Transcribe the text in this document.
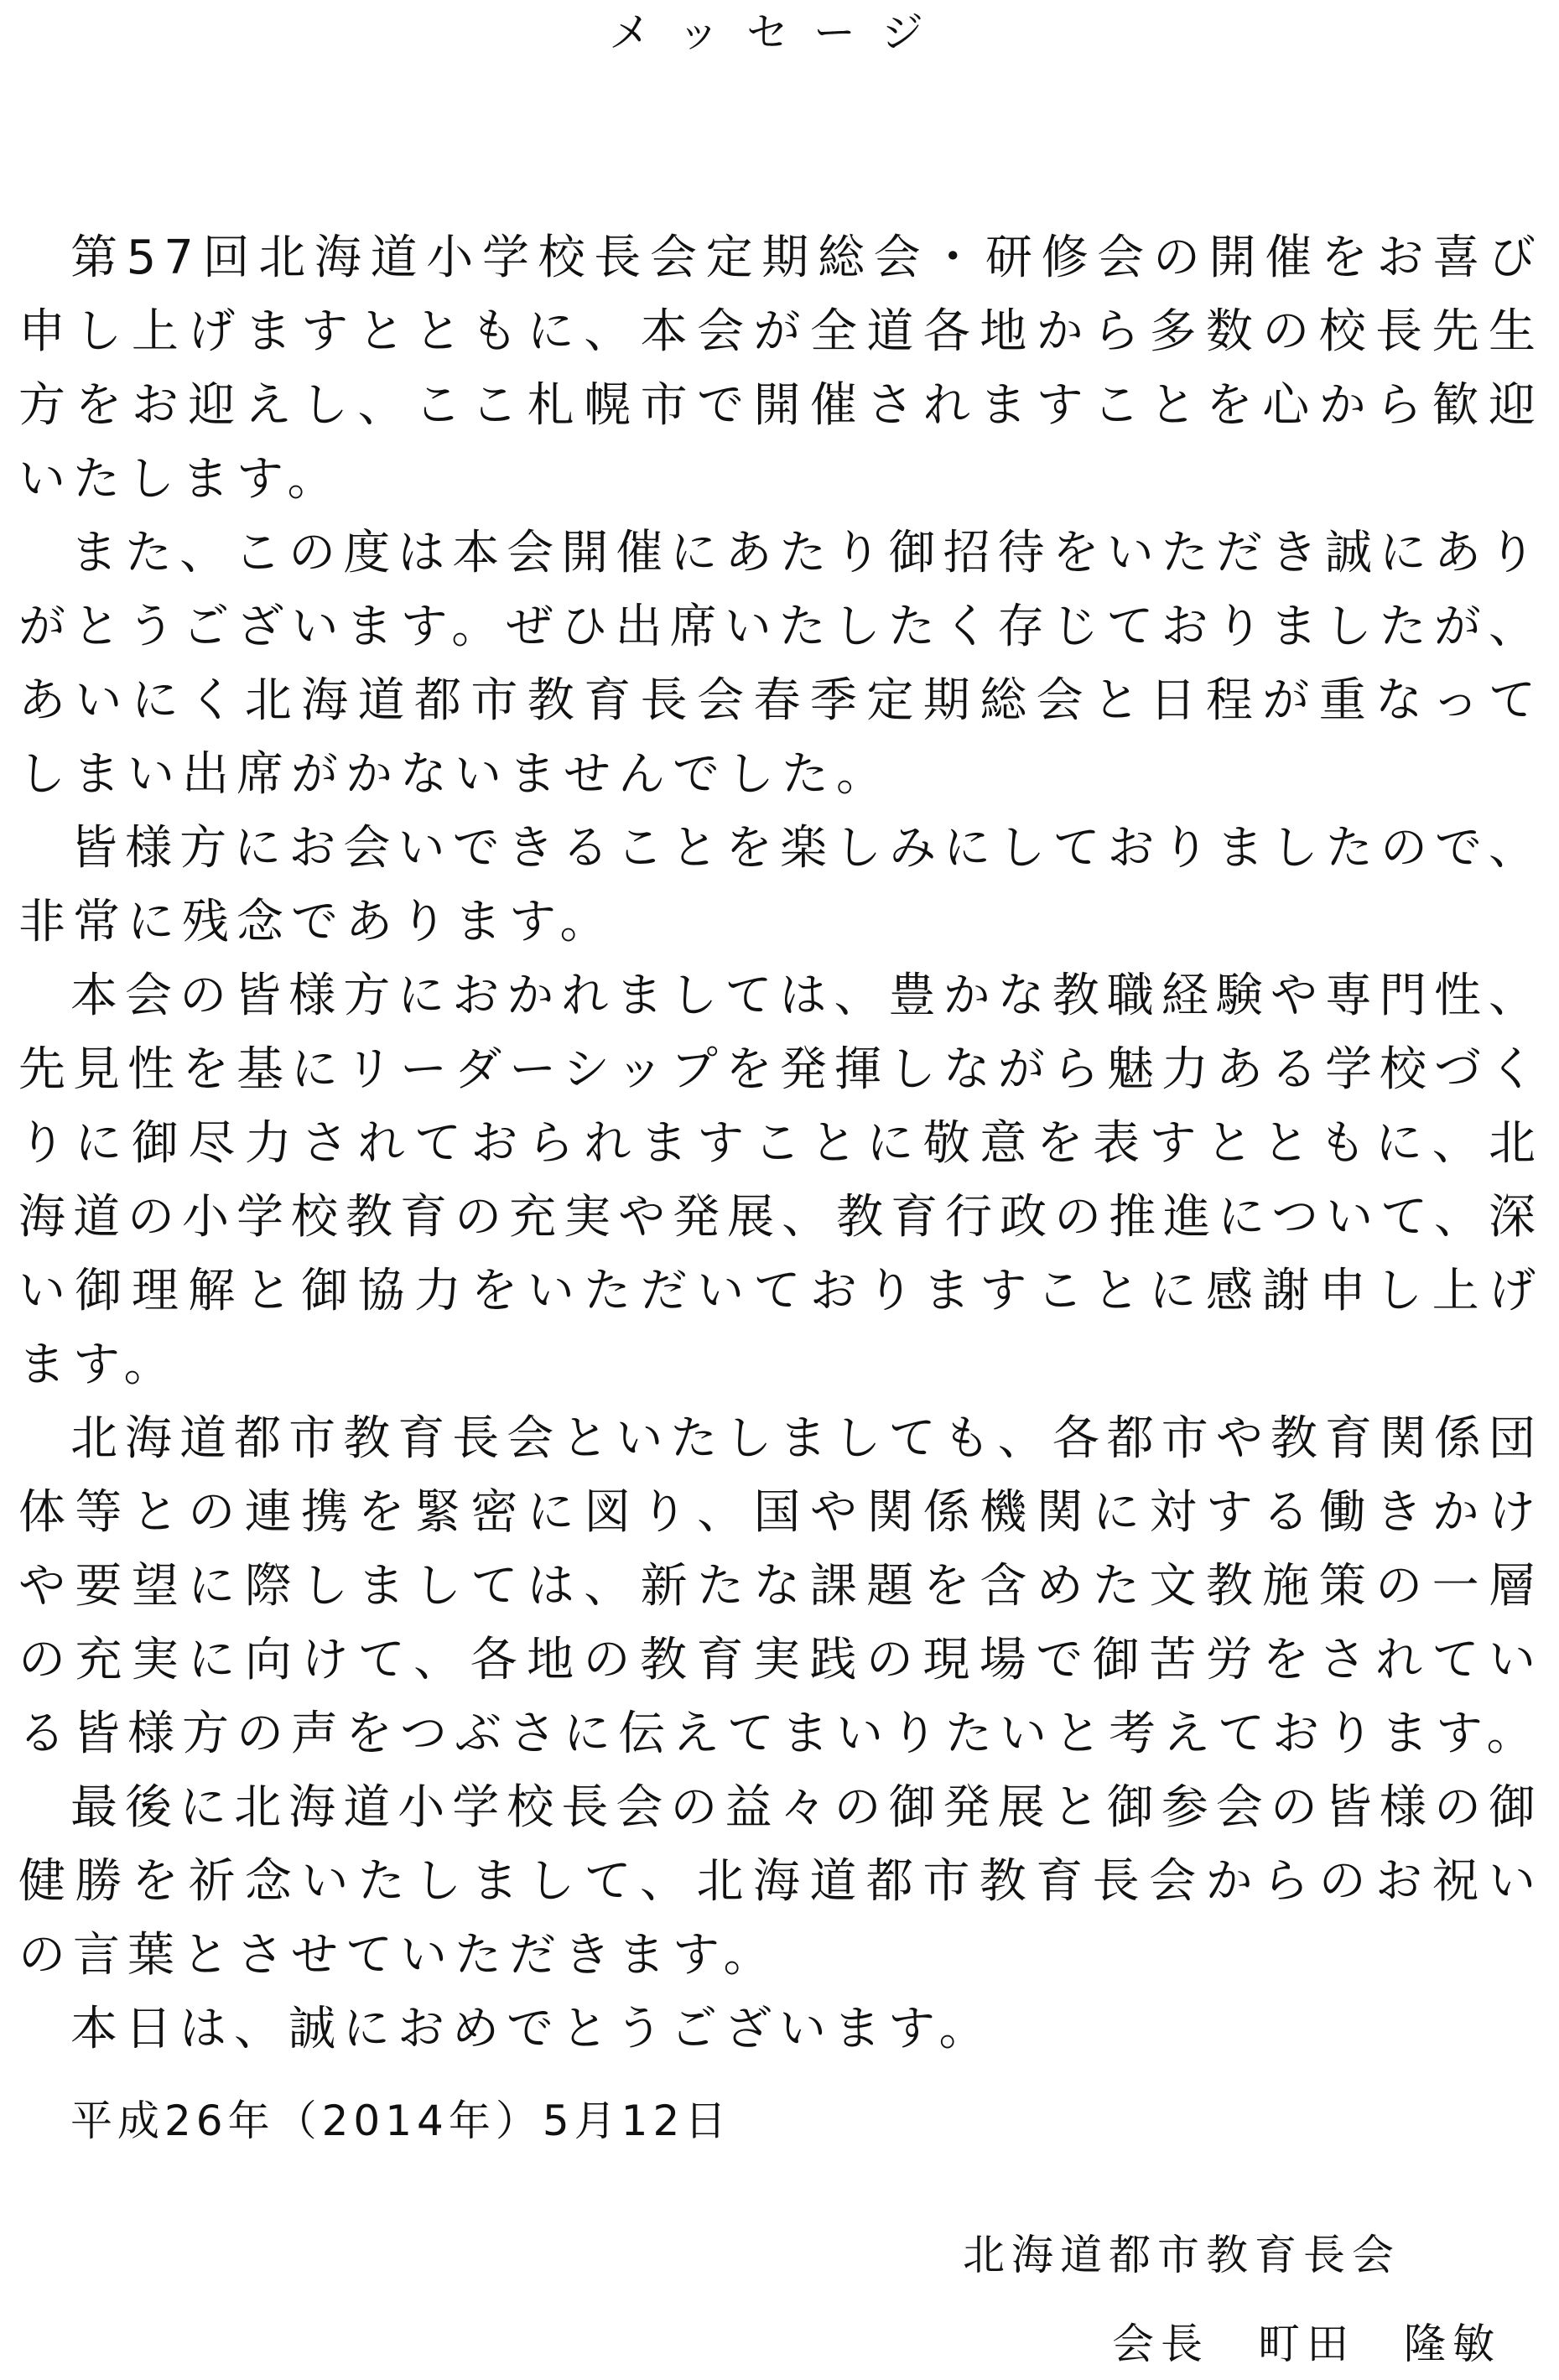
メッセージ

第57回北海道小学校長会定期総会・研修会の開催をお喜び申し上げますとともに、本会が全道各地から多数の校長先生方をお迎えし、ここ札幌市で開催されますことを心から歓迎いたします。

また、この度は本会開催にあたり御招待をいただき誠にありがとうございます。ぜひ出席いたしたく存じておりましたが、あいにく北海道都市教育長会春季定期総会と日程が重なってしまい出席がかないませんでした。

皆様方にお会いできることを楽しみにしておりましたので、非常に残念であります。

本会の皆様方におかれましては、豊かな教職経験や専門性、先見性を基にリーダーシップを発揮しながら魅力ある学校づくりに御尽力されておられますことに敬意を表すとともに、北海道の小学校教育の充実や発展、教育行政の推進について、深い御理解と御協力をいただいておりますことに感謝申し上げます。

北海道都市教育長会といたしましても、各都市や教育関係団体等との連携を緊密に図り、国や関係機関に対する働きかけや要望に際しましては、新たな課題を含めた文教施策の一層の充実に向けて、各地の教育実践の現場で御苦労をされている皆様方の声をつぶさに伝えてまいりたいと考えております。

最後に北海道小学校長会の益々の御発展と御参会の皆様の御健勝を祈念いたしまして、北海道都市教育長会からのお祝いの言葉とさせていただきます。

本日は、誠におめでとうございます。

平成26年（2014年）5月12日
北海道都市教育長会
会長　町田　隆敏
